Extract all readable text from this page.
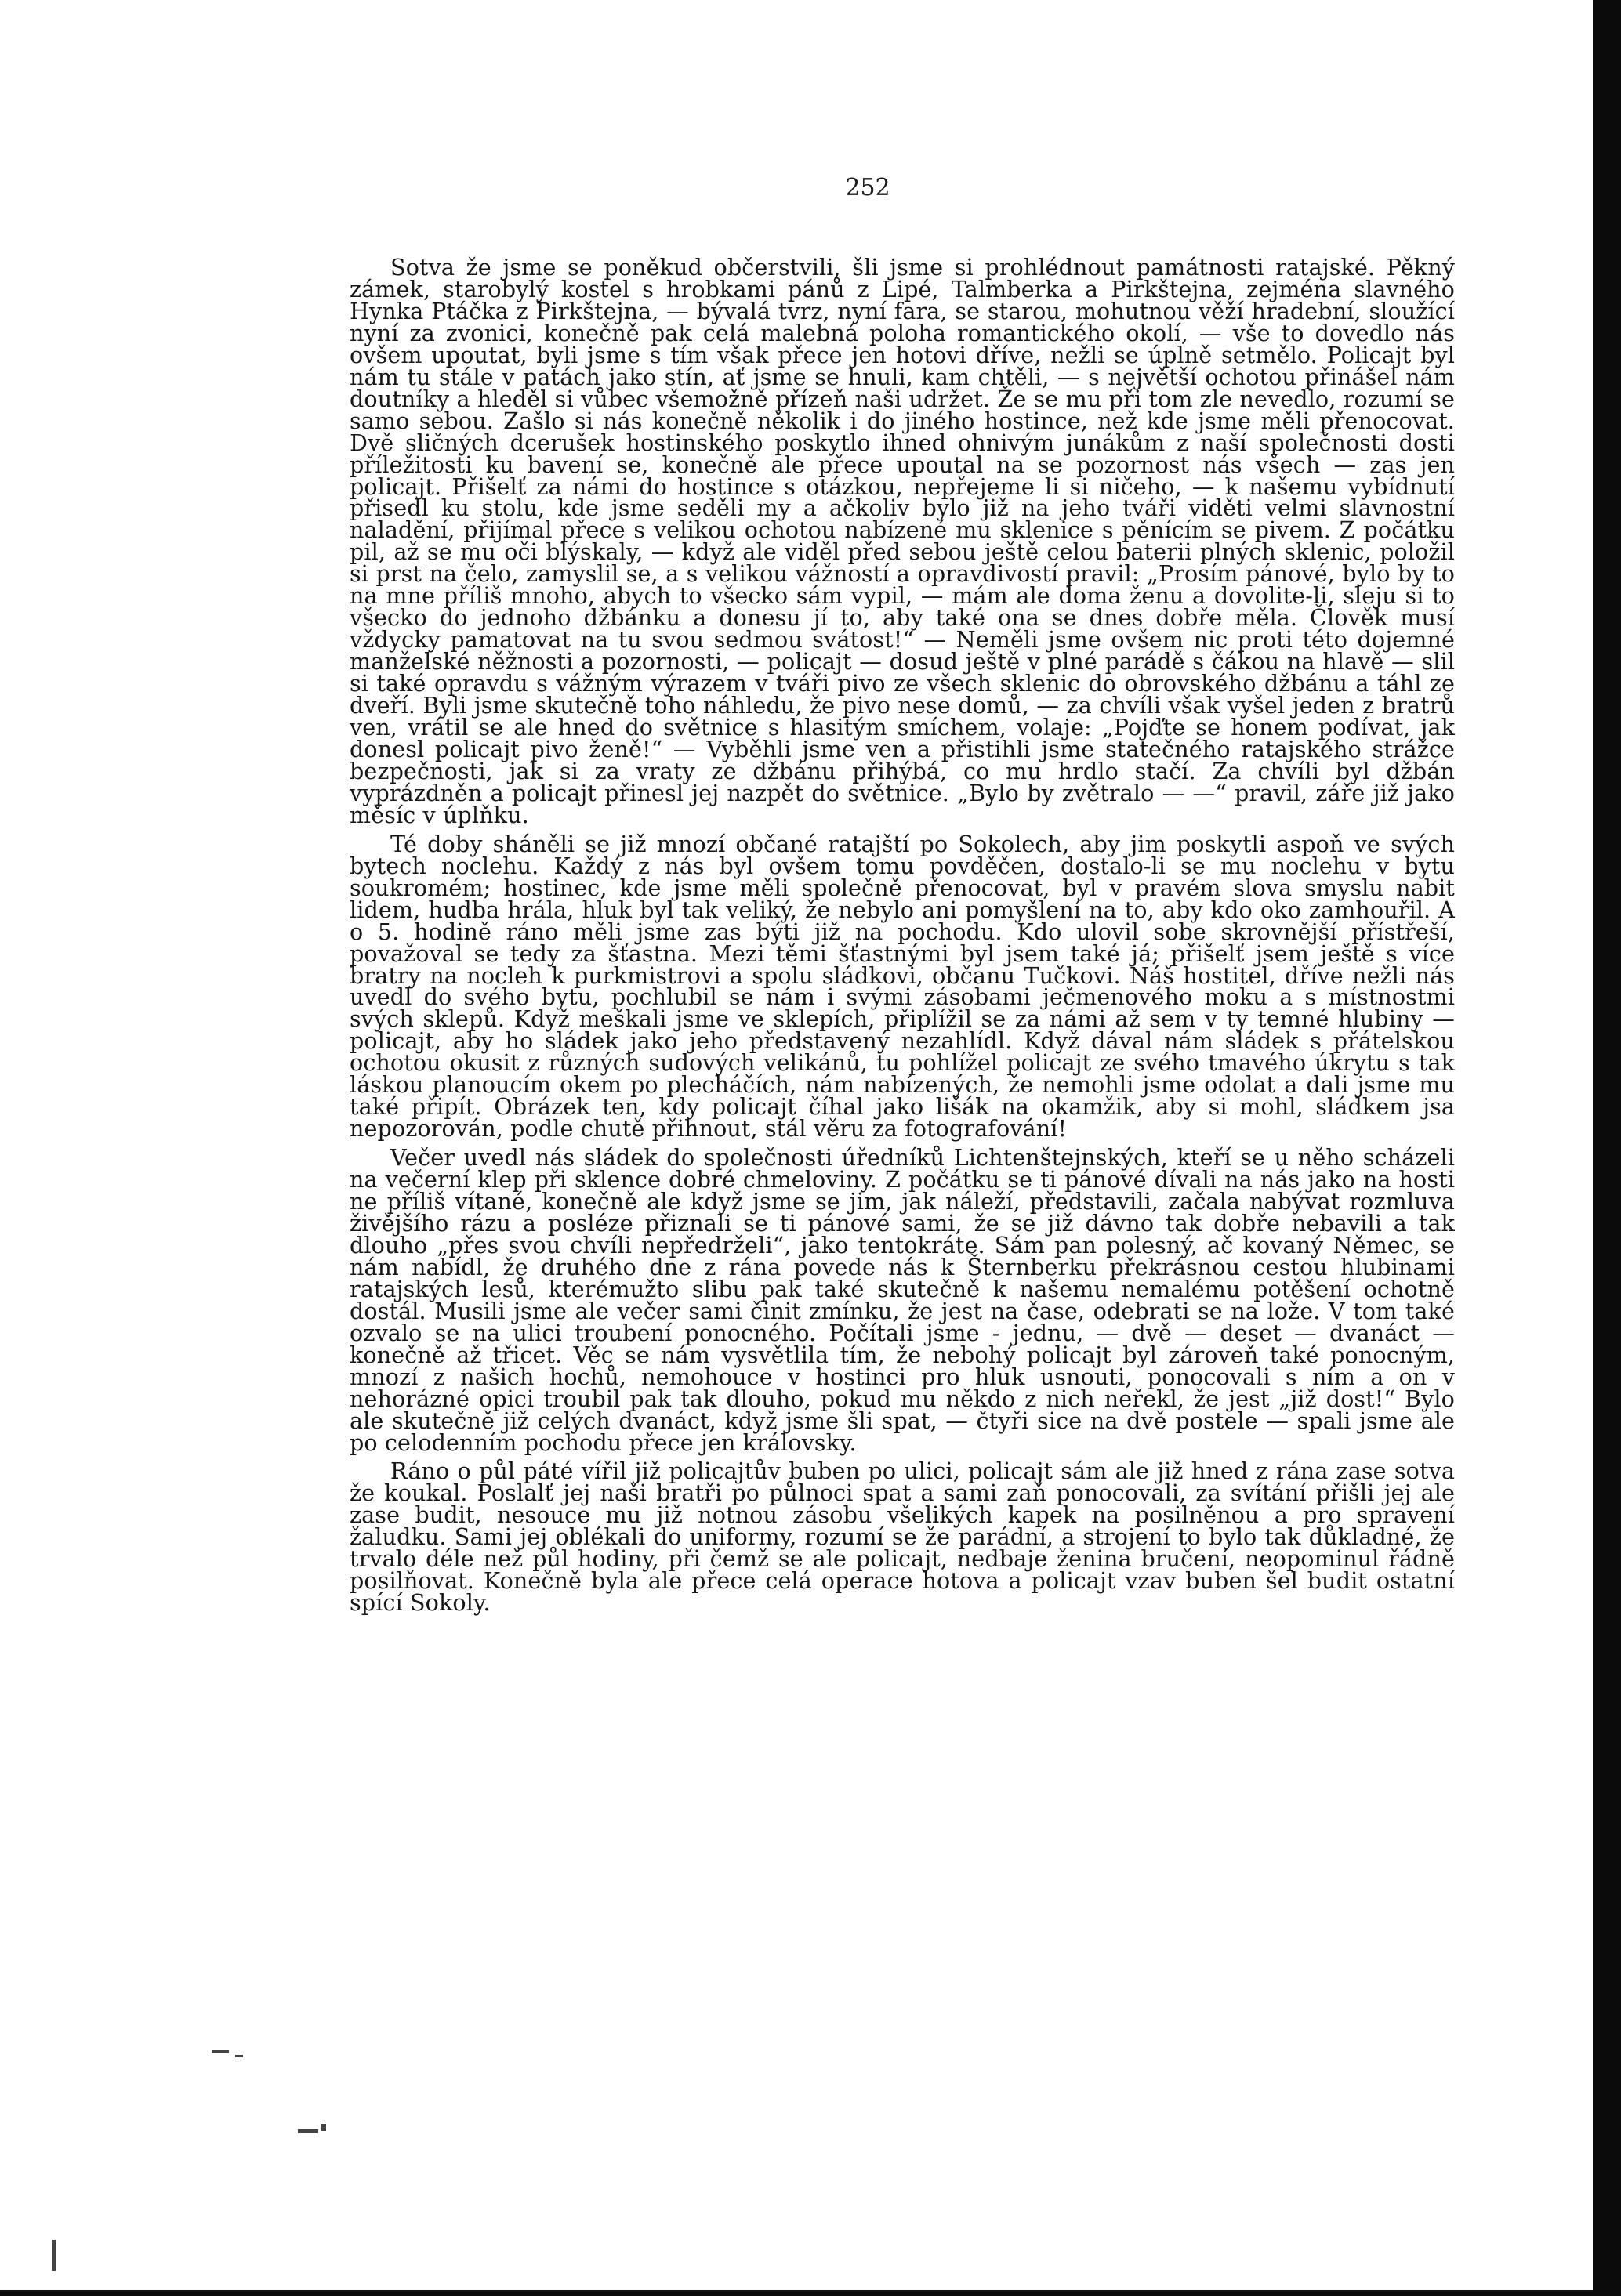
252

Sotva že jsme se poněkud občerstvili, šli jsme si prohlédnout památnosti ratajské. Pěkný zámek, starobylý kostel s hrobkami pánů z Lipé, Talmberka a Pirkštejna, zejména slavného Hynka Ptáčka z Pirkštejna, — bývalá tvrz, nyní fara, se starou, mohutnou věží hradební, sloužící nyní za zvonici, konečně pak celá malebná poloha romantického okolí, — vše to dovedlo nás ovšem upoutat, byli jsme s tím však přece jen hotovi dříve, nežli se úplně setmělo. Policajt byl nám tu stále v patách jako stín, ať jsme se hnuli, kam chtěli, — s největší ochotou přinášel nám doutníky a hleděl si vůbec všemožně přízeň naši udržet. Že se mu při tom zle nevedlo, rozumí se samo sebou. Zašlo si nás konečně několik i do jiného hostince, než kde jsme měli přenocovat. Dvě sličných dcerušek hostinského poskytlo ihned ohnivým junákům z naší společnosti dosti příležitosti ku bavení se, konečně ale přece upoutal na se pozornost nás všech — zas jen policajt. Přišelť za námi do hostince s otázkou, nepřejeme li si ničeho, — k našemu vybídnutí přisedl ku stolu, kde jsme seděli my a ačkoliv bylo již na jeho tváři viděti velmi slavnostní naladění, přijímal přece s velikou ochotou nabízené mu sklenice s pěnícím se pivem. Z počátku pil, až se mu oči blýskaly, — když ale viděl před sebou ještě celou baterii plných sklenic, položil si prst na čelo, zamyslil se, a s velikou vážností a opravdivostí pravil: „Prosím pánové, bylo by to na mne příliš mnoho, abych to všecko sám vypil, — mám ale doma ženu a dovolite-li, sleju si to všecko do jednoho džbánku a donesu jí to, aby také ona se dnes dobře měla. Člověk musí vždycky pamatovat na tu svou sedmou svátost!“ — Neměli jsme ovšem nic proti této dojemné manželské něžnosti a pozornosti, — policajt — dosud ještě v plné parádě s čákou na hlavě — slil si také opravdu s vážným výrazem v tváři pivo ze všech sklenic do obrovského džbánu a táhl ze dveří. Byli jsme skutečně toho náhledu, že pivo nese domů, — za chvíli však vyšel jeden z bratrů ven, vrátil se ale hned do světnice s hlasitým smíchem, volaje: „Pojďte se honem podívat, jak donesl policajt pivo ženě!“ — Vyběhli jsme ven a přistihli jsme statečného ratajského strážce bezpečnosti, jak si za vraty ze džbánu přihýbá, co mu hrdlo stačí. Za chvíli byl džbán vyprázdněn a policajt přinesl jej nazpět do světnice. „Bylo by zvětralo — —“ pravil, záře již jako měsíc v úplňku.

Té doby sháněli se již mnozí občané ratajští po Sokolech, aby jim poskytli aspoň ve svých bytech noclehu. Každý z nás byl ovšem tomu povděčen, dostalo-li se mu noclehu v bytu soukromém; hostinec, kde jsme měli společně přenocovat, byl v pravém slova smyslu nabit lidem, hudba hrála, hluk byl tak veliký, že nebylo ani pomyšlení na to, aby kdo oko zamhouřil. A o 5. hodině ráno měli jsme zas býti již na pochodu. Kdo ulovil sobe skrovnější přístřeší, považoval se tedy za šťastna. Mezi těmi šťastnými byl jsem také já; přišelť jsem ještě s více bratry na nocleh k purkmistrovi a spolu sládkovi, občanu Tučkovi. Náš hostitel, dříve nežli nás uvedl do svého bytu, pochlubil se nám i svými zásobami ječmenového moku a s místnostmi svých sklepů. Když meškali jsme ve sklepích, připlížil se za námi až sem v ty temné hlubiny — policajt, aby ho sládek jako jeho představený nezahlídl. Když dával nám sládek s přátelskou ochotou okusit z různých sudových velikánů, tu pohlížel policajt ze svého tmavého úkrytu s tak láskou planoucím okem po plecháčích, nám nabízených, že nemohli jsme odolat a dali jsme mu také připít. Obrázek ten, kdy policajt číhal jako lišák na okamžik, aby si mohl, sládkem jsa nepozorován, podle chutě přihnout, stál věru za fotografování!

Večer uvedl nás sládek do společnosti úředníků Lichtenštejnských, kteří se u něho scházeli na večerní klep při sklence dobré chmeloviny. Z počátku se ti pánové dívali na nás jako na hosti ne příliš vítané, konečně ale když jsme se jim, jak náleží, představili, začala nabývat rozmluva živějšího rázu a posléze přiznali se ti pánové sami, že se již dávno tak dobře nebavili a tak dlouho „přes svou chvíli nepředrželi“, jako tentokráte. Sám pan polesný, ač kovaný Němec, se nám nabídl, že druhého dne z rána povede nás k Šternberku překrásnou cestou hlubinami ratajských lesů, kterémužto slibu pak také skutečně k našemu nemalému potěšení ochotně dostál. Musili jsme ale večer sami činit zmínku, že jest na čase, odebrati se na lože. V tom také ozvalo se na ulici troubení ponocného. Počítali jsme - jednu, — dvě — deset — dvanáct — konečně až třicet. Věc se nám vysvětlila tím, že nebohý policajt byl zároveň také ponocným, mnozí z našich hochů, nemohouce v hostinci pro hluk usnouti, ponocovali s ním a on v nehorázné opici troubil pak tak dlouho, pokud mu někdo z nich neřekl, že jest „již dost!“ Bylo ale skutečně již celých dvanáct, když jsme šli spat, — čtyři sice na dvě postele — spali jsme ale po celodenním pochodu přece jen královsky.

Ráno o půl páté vířil již policajtův buben po ulici, policajt sám ale již hned z rána zase sotva že koukal. Poslalť jej naši bratři po půlnoci spat a sami zaň ponocovali, za svítání přišli jej ale zase budit, nesouce mu již notnou zásobu všelikých kapek na posilněnou a pro spravení žaludku. Sami jej oblékali do uniformy, rozumí se že parádní, a strojení to bylo tak důkladné, že trvalo déle než půl hodiny, při čemž se ale policajt, nedbaje ženina bručení, neopominul řádně posilňovat. Konečně byla ale přece celá operace hotova a policajt vzav buben šel budit ostatní spící Sokoly.
